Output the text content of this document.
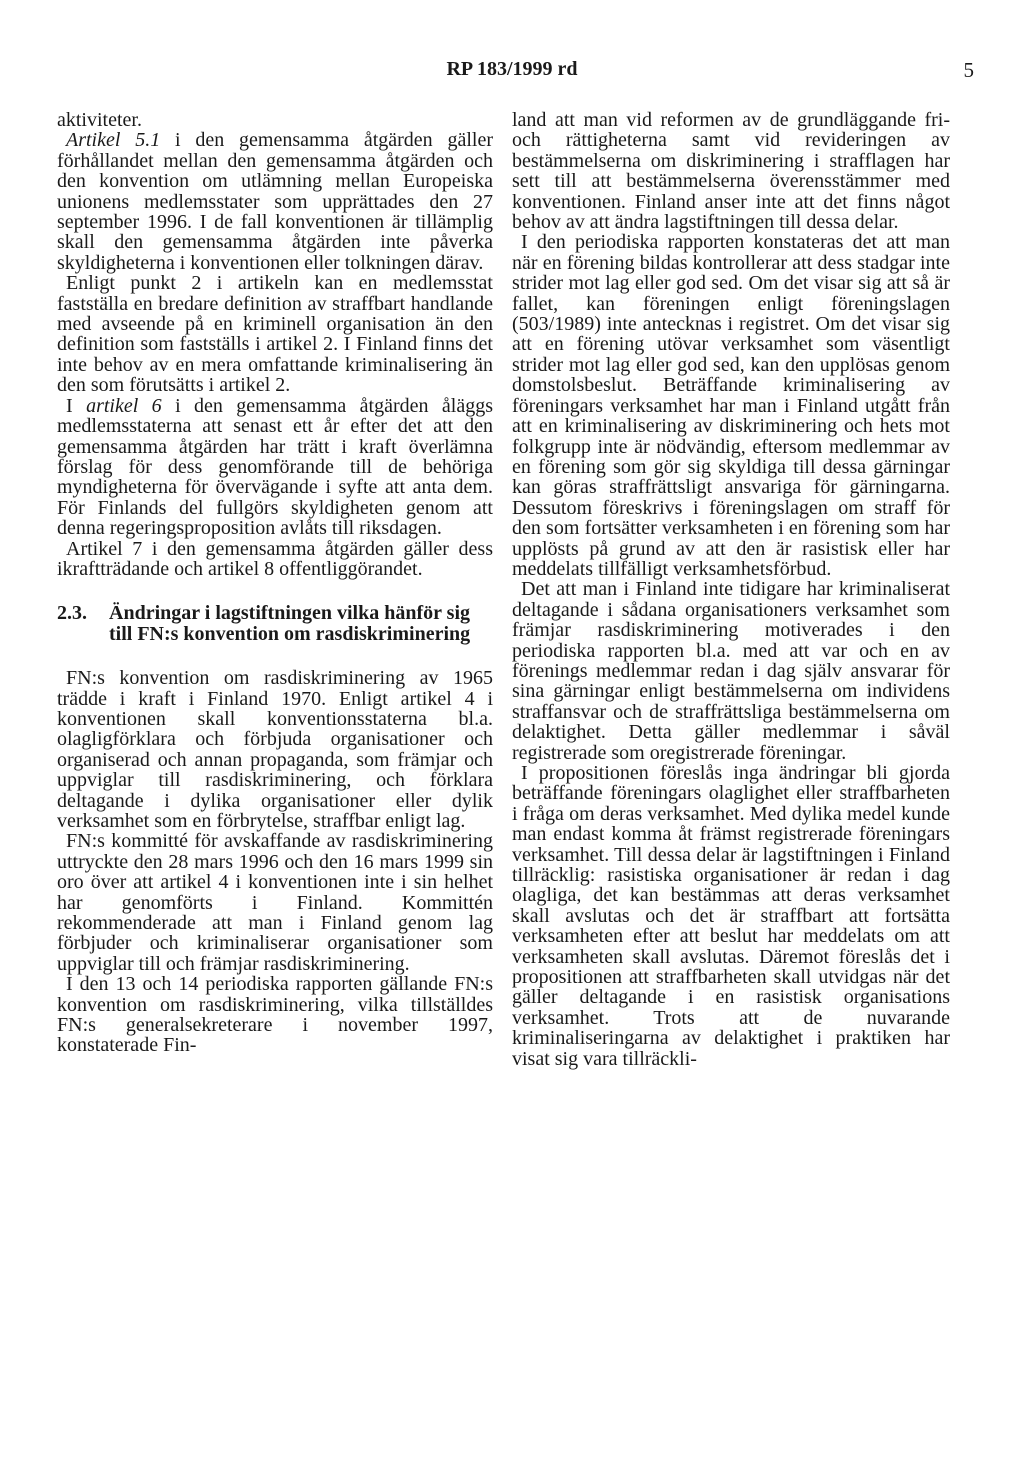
RP 183/1999 rd	5

aktiviteter.

Artikel 5.1 i den gemensamma åtgärden gäller förhållandet mellan den gemensamma åtgärden och den konvention om utlämning mellan Europeiska unionens medlemsstater som upprättades den 27 september 1996. I de fall konventionen är tillämplig skall den gemensamma åtgärden inte påverka skyldigheterna i konventionen eller tolkningen därav.

Enligt punkt 2 i artikeln kan en medlemsstat fastställa en bredare definition av straffbart handlande med avseende på en kriminell organisation än den definition som fastställs i artikel 2. I Finland finns det inte behov av en mera omfattande kriminalisering än den som förutsätts i artikel 2.

I artikel 6 i den gemensamma åtgärden åläggs medlemsstaterna att senast ett år efter det att den gemensamma åtgärden har trätt i kraft överlämna förslag för dess genomförande till de behöriga myndigheterna för övervägande i syfte att anta dem. För Finlands del fullgörs skyldigheten genom att denna regeringsproposition avlåts till riksdagen.

Artikel 7 i den gemensamma åtgärden gäller dess ikraftträdande och artikel 8 offentliggörandet.

2.3.	Ändringar i lagstiftningen vilka hänför sig till FN:s konvention om rasdiskriminering

FN:s konvention om rasdiskriminering av 1965 trädde i kraft i Finland 1970. Enligt artikel 4 i konventionen skall konventionsstaterna bl.a. olagligförklara och förbjuda organisationer och organiserad och annan propaganda, som främjar och uppviglar till rasdiskriminering, och förklara deltagande i dylika organisationer eller dylik verksamhet som en förbrytelse, straffbar enligt lag.

FN:s kommitté för avskaffande av rasdiskriminering uttryckte den 28 mars 1996 och den 16 mars 1999 sin oro över att artikel 4 i konventionen inte i sin helhet har genomförts i Finland. Kommittén rekommenderade att man i Finland genom lag förbjuder och kriminaliserar organisationer som uppviglar till och främjar rasdiskriminering.

I den 13 och 14 periodiska rapporten gällande FN:s konvention om rasdiskriminering, vilka tillställdes FN:s generalsekreterare i november 1997, konstaterade Fin-

land att man vid reformen av de grundläggande fri- och rättigheterna samt vid revideringen av bestämmelserna om diskriminering i strafflagen har sett till att bestämmelserna överensstämmer med konventionen. Finland anser inte att det finns något behov av att ändra lagstiftningen till dessa delar.

I den periodiska rapporten konstateras det att man när en förening bildas kontrollerar att dess stadgar inte strider mot lag eller god sed. Om det visar sig att så är fallet, kan föreningen enligt föreningslagen (503/1989) inte antecknas i registret. Om det visar sig att en förening utövar verksamhet som väsentligt strider mot lag eller god sed, kan den upplösas genom domstolsbeslut. Beträffande kriminalisering av föreningars verksamhet har man i Finland utgått från att en kriminalisering av diskriminering och hets mot folkgrupp inte är nödvändig, eftersom medlemmar av en förening som gör sig skyldiga till dessa gärningar kan göras straffrättsligt ansvariga för gärningarna. Dessutom föreskrivs i föreningslagen om straff för den som fortsätter verksamheten i en förening som har upplösts på grund av att den är rasistisk eller har meddelats tillfälligt verksamhetsförbud.

Det att man i Finland inte tidigare har kriminaliserat deltagande i sådana organisationers verksamhet som främjar rasdiskriminering motiverades i den periodiska rapporten bl.a. med att var och en av förenings medlemmar redan i dag själv ansvarar för sina gärningar enligt bestämmelserna om individens straffansvar och de straffrättsliga bestämmelserna om delaktighet. Detta gäller medlemmar i såväl registrerade som oregistrerade föreningar.

I propositionen föreslås inga ändringar bli gjorda beträffande föreningars olaglighet eller straffbarheten i fråga om deras verksamhet. Med dylika medel kunde man endast komma åt främst registrerade föreningars verksamhet. Till dessa delar är lagstiftningen i Finland tillräcklig: rasistiska organisationer är redan i dag olagliga, det kan bestämmas att deras verksamhet skall avslutas och det är straffbart att fortsätta verksamheten efter att beslut har meddelats om att verksamheten skall avslutas. Däremot föreslås det i propositionen att straffbarheten skall utvidgas när det gäller deltagande i en rasistisk organisations verksamhet. Trots att de nuvarande kriminaliseringarna av delaktighet i praktiken har visat sig vara tillräckli-
